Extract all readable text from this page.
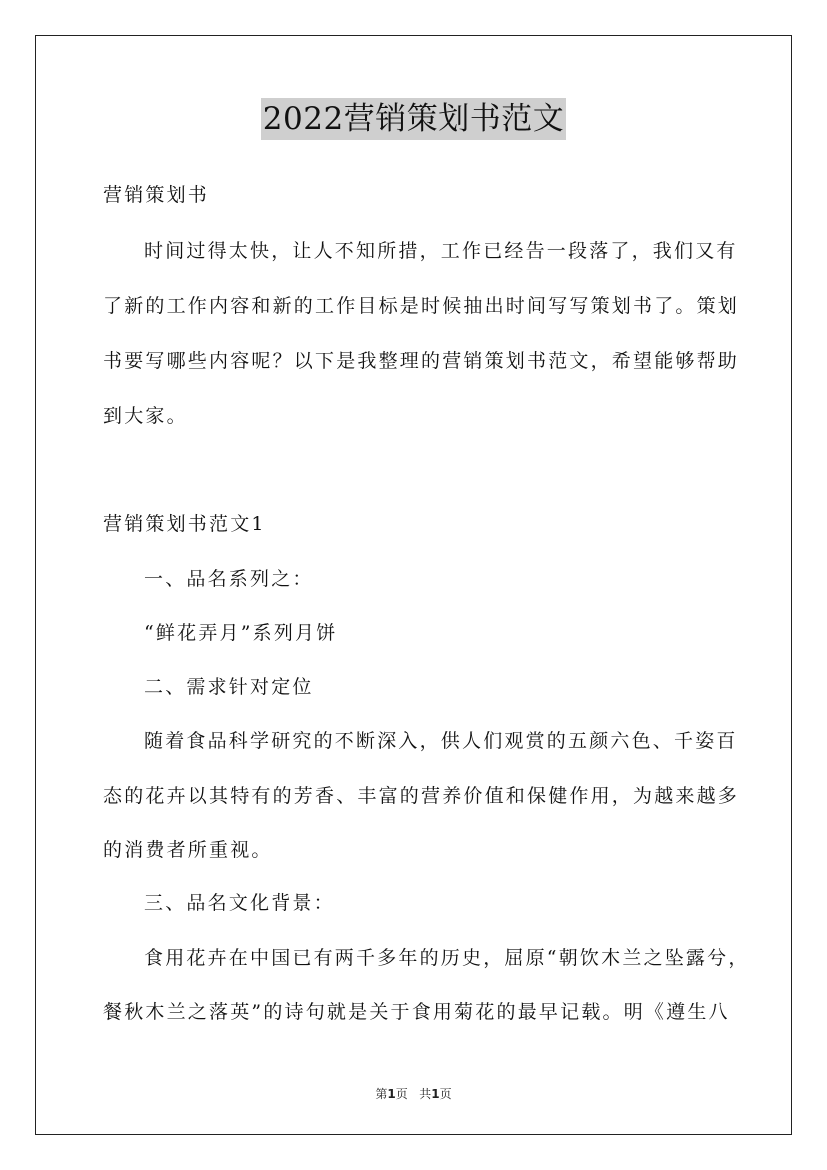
2022营销策划书范文
营销策划书
时间过得太快，让人不知所措，工作已经告一段落了，我们又有
了新的工作内容和新的工作目标是时候抽出时间写写策划书了。策划
书要写哪些内容呢？以下是我整理的营销策划书范文，希望能够帮助
到大家。
营销策划书范文1
一、品名系列之：
“鲜花弄月”系列月饼
二、需求针对定位
随着食品科学研究的不断深入，供人们观赏的五颜六色、千姿百
态的花卉以其特有的芳香、丰富的营养价值和保健作用，为越来越多
的消费者所重视。
三、品名文化背景：
食用花卉在中国已有两千多年的历史，屈原“朝饮木兰之坠露兮，
餐秋木兰之落英”的诗句就是关于食用菊花的最早记载。明《遵生八
第1页   共1页
